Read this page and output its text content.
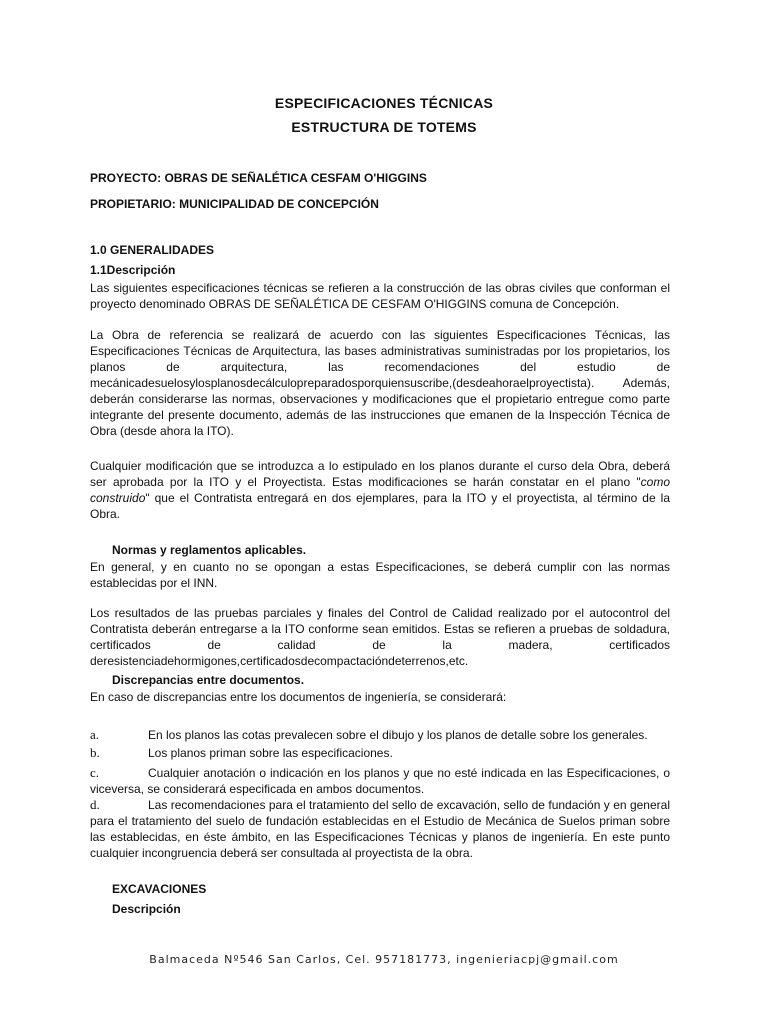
ESPECIFICACIONES TÉCNICAS
ESTRUCTURA DE TOTEMS
PROYECTO: OBRAS DE SEÑALÉTICA CESFAM O'HIGGINS
PROPIETARIO: MUNICIPALIDAD DE CONCEPCIÓN
1.0 GENERALIDADES
1.1Descripción

Las siguientes especificaciones técnicas se refieren a la construcción de las obras civiles que conforman el proyecto denominado OBRAS DE SEÑALÉTICA DE CESFAM O'HIGGINS comuna de Concepción.

La Obra de referencia se realizará de acuerdo con las siguientes Especificaciones Técnicas, las Especificaciones Técnicas de Arquitectura, las bases administrativas suministradas por los propietarios, los planos de arquitectura, las recomendaciones del estudio de mecánicadesuelosylosplanosdecálculopreparadosporquiensuscribe,(desdeahoraelproyectista). Además, deberán considerarse las normas, observaciones y modificaciones que el propietario entregue como parte integrante del presente documento, además de las instrucciones que emanen de la Inspección Técnica de Obra (desde ahora la ITO).

Cualquier modificación que se introduzca a lo estipulado en los planos durante el curso dela Obra, deberá ser aprobada por la ITO y el Proyectista. Estas modificaciones se harán constatar en el plano "como construido" que el Contratista entregará en dos ejemplares, para la ITO y el proyectista, al término de la Obra.

Normas y reglamentos aplicables.

En general, y en cuanto no se opongan a estas Especificaciones, se deberá cumplir con las normas establecidas por el INN.

Los resultados de las pruebas parciales y finales del Control de Calidad realizado por el autocontrol del Contratista deberán entregarse a la ITO conforme sean emitidos. Estas se refieren a pruebas de soldadura, certificados de calidad de la madera, certificados deresistenciadehormigones,certificadosdecompactacióndeterrenos,etc.

Discrepancias entre documentos.

En caso de discrepancias entre los documentos de ingeniería, se considerará:

a.	En los planos las cotas prevalecen sobre el dibujo y los planos de detalle sobre los generales.
b.	Los planos priman sobre las especificaciones.
c.	Cualquier anotación o indicación en los planos y que no esté indicada en las Especificaciones, o viceversa, se considerará especificada en ambos documentos.
d.	Las recomendaciones para el tratamiento del sello de excavación, sello de fundación y en general para el tratamiento del suelo de fundación establecidas en el Estudio de Mecánica de Suelos priman sobre las establecidas, en éste ámbito, en las Especificaciones Técnicas y planos de ingeniería. En este punto cualquier incongruencia deberá ser consultada al proyectista de la obra.
EXCAVACIONES
Descripción
Balmaceda Nº546 San Carlos, Cel. 957181773, ingenieriacpj@gmail.com
